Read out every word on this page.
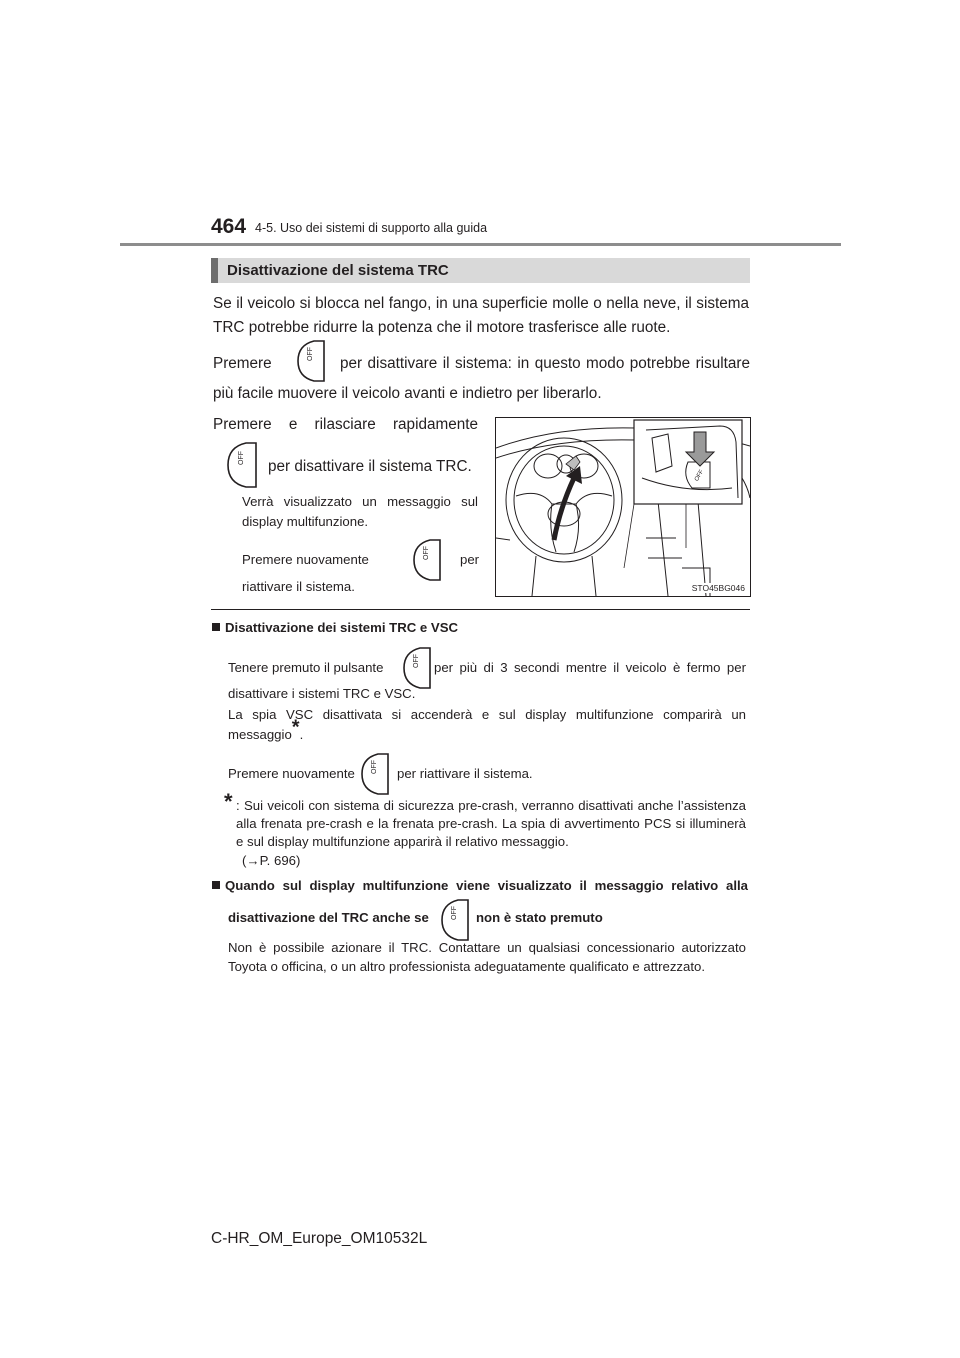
464 4-5. Uso dei sistemi di supporto alla guida
Disattivazione del sistema TRC
Se il veicolo si blocca nel fango, in una superficie molle o nella neve, il sistema TRC potrebbe ridurre la potenza che il motore trasferisce alle ruote.
Premere
OFF
per disattivare il sistema: in questo modo potrebbe risultare
più facile muovere il veicolo avanti e indietro per liberarlo.
Premere e rilasciare rapidamente
OFF per disattivare il sistema TRC.
Verrà visualizzato un messaggio sul display multifunzione.
Premere nuovamente	OFF per
riattivare il sistema.
OFF
STO45BG046
Disattivazione dei sistemi TRC e VSC
Tenere premuto il pulsante	OFF per più di 3 secondi mentre il veicolo è fermo per
disattivare i sistemi TRC e VSC.
La spia VSC disattivata si accenderà e sul display multifunzione comparirà un messaggio*.
Premere nuovamente OFF per riattivare il sistema.
* : Sui veicoli con sistema di sicurezza pre-crash, verranno disattivati anche l’assistenza alla frenata pre-crash e la frenata pre-crash. La spia di avvertimento PCS si illuminerà e sul display multifunzione apparirà il relativo messaggio.
(→P. 696)
Quando sul display multifunzione viene visualizzato il messaggio relativo alla
disattivazione del TRC anche se	OFF non è stato premuto
Non è possibile azionare il TRC. Contattare un qualsiasi concessionario autorizzato Toyota o officina, o un altro professionista adeguatamente qualificato e attrezzato.
C-HR_OM_Europe_OM10532L
